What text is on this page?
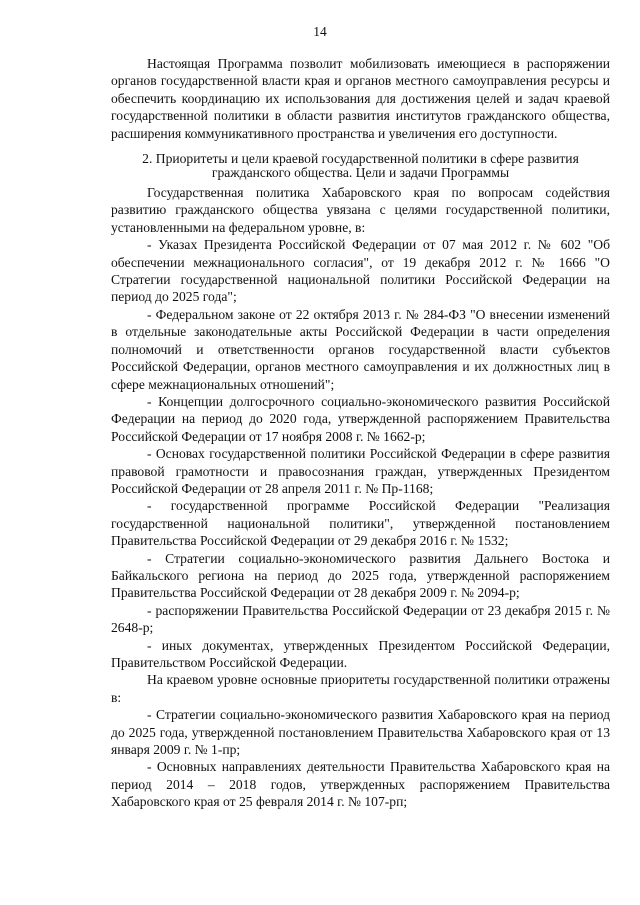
14

Настоящая Программа позволит мобилизовать имеющиеся в распоряжении органов государственной власти края и органов местного самоуправления ресурсы и обеспечить координацию их использования для достижения целей и задач краевой государственной политики в области развития институтов гражданского общества, расширения коммуникативного пространства и увеличения его доступности.

2. Приоритеты и цели краевой государственной политики в сфере развития гражданского общества. Цели и задачи Программы

Государственная политика Хабаровского края по вопросам содействия развитию гражданского общества увязана с целями государственной политики, установленными на федеральном уровне, в:

- Указах Президента Российской Федерации от 07 мая 2012 г. № 602 "Об обеспечении межнационального согласия", от 19 декабря 2012 г. № 1666 "О Стратегии государственной национальной политики Российской Федерации на период до 2025 года";

- Федеральном законе от 22 октября 2013 г. № 284-ФЗ "О внесении изменений в отдельные законодательные акты Российской Федерации в части определения полномочий и ответственности органов государственной власти субъектов Российской Федерации, органов местного самоуправления и их должностных лиц в сфере межнациональных отношений";

- Концепции долгосрочного социально-экономического развития Российской Федерации на период до 2020 года, утвержденной распоряжением Правительства Российской Федерации от 17 ноября 2008 г. № 1662-р;

- Основах государственной политики Российской Федерации в сфере развития правовой грамотности и правосознания граждан, утвержденных Президентом Российской Федерации от 28 апреля 2011 г. № Пр-1168;

- государственной программе Российской Федерации "Реализация государственной национальной политики", утвержденной постановлением Правительства Российской Федерации от 29 декабря 2016 г. № 1532;

- Стратегии социально-экономического развития Дальнего Востока и Байкальского региона на период до 2025 года, утвержденной распоряжением Правительства Российской Федерации от 28 декабря 2009 г. № 2094-р;

- распоряжении Правительства Российской Федерации от 23 декабря 2015 г. № 2648-р;

- иных документах, утвержденных Президентом Российской Федерации, Правительством Российской Федерации.

На краевом уровне основные приоритеты государственной политики отражены в:

- Стратегии социально-экономического развития Хабаровского края на период до 2025 года, утвержденной постановлением Правительства Хабаровского края от 13 января 2009 г. № 1-пр;

- Основных направлениях деятельности Правительства Хабаровского края на период 2014 – 2018 годов, утвержденных распоряжением Правительства Хабаровского края от 25 февраля 2014 г. № 107-рп;
